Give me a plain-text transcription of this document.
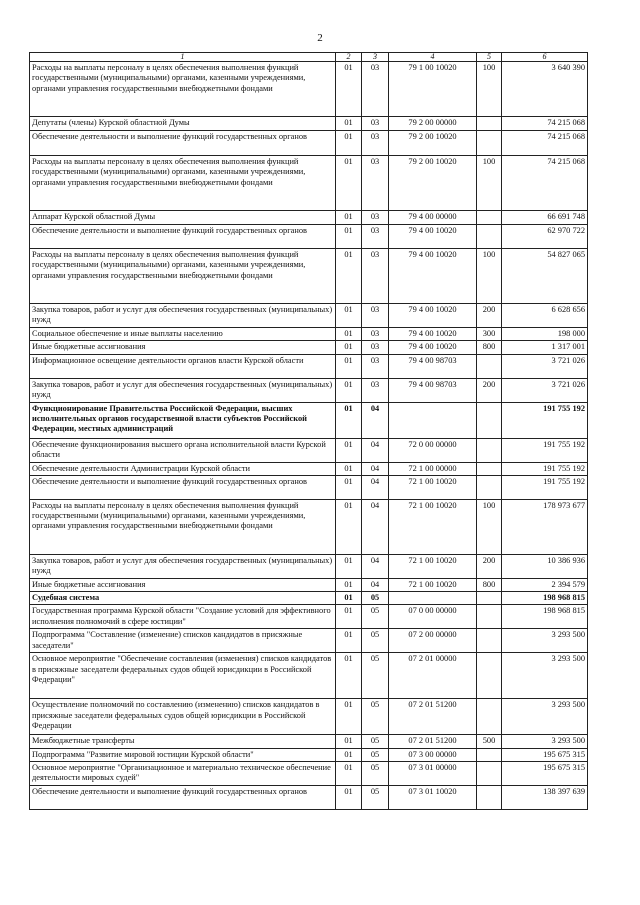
2
1	2	3	4	5	6
Расходы на выплаты персоналу в целях обеспечения выполнения функций государственными (муниципальными) органами, казенными учреждениями, органами управления государственными внебюджетными фондами	01	03	79 1 00 10020	100	3 640 390
Депутаты (члены) Курской областной Думы	01	03	79 2 00 00000		74 215 068
Обеспечение деятельности и выполнение функций государственных органов	01	03	79 2 00 10020		74 215 068
Расходы на выплаты персоналу в целях обеспечения выполнения функций государственными (муниципальными) органами, казенными учреждениями, органами управления государственными внебюджетными фондами	01	03	79 2 00 10020	100	74 215 068
Аппарат Курской областной Думы	01	03	79 4 00 00000		66 691 748
Обеспечение деятельности и выполнение функций государственных органов	01	03	79 4 00 10020		62 970 722
Расходы на выплаты персоналу в целях обеспечения выполнения функций государственными (муниципальными) органами, казенными учреждениями, органами управления государственными внебюджетными фондами	01	03	79 4 00 10020	100	54 827 065
Закупка товаров, работ и услуг для обеспечения государственных (муниципальных) нужд	01	03	79 4 00 10020	200	6 628 656
Социальное обеспечение и иные выплаты населению	01	03	79 4 00 10020	300	198 000
Иные бюджетные ассигнования	01	03	79 4 00 10020	800	1 317 001
Информационное освещение деятельности органов власти Курской области	01	03	79 4 00 98703		3 721 026
Закупка товаров, работ и услуг для обеспечения государственных (муниципальных) нужд	01	03	79 4 00 98703	200	3 721 026
Функционирование Правительства Российской Федерации, высших исполнительных органов государственной власти субъектов Российской Федерации, местных администраций	01	04			191 755 192
Обеспечение функционирования высшего органа исполнительной власти Курской области	01	04	72 0 00 00000		191 755 192
Обеспечение деятельности Администрации Курской области	01	04	72 1 00 00000		191 755 192
Обеспечение деятельности и выполнение функций государственных органов	01	04	72 1 00 10020		191 755 192
Расходы на выплаты персоналу в целях обеспечения выполнения функций государственными (муниципальными) органами, казенными учреждениями, органами управления государственными внебюджетными фондами	01	04	72 1 00 10020	100	178 973 677
Закупка товаров, работ и услуг для обеспечения государственных (муниципальных) нужд	01	04	72 1 00 10020	200	10 386 936
Иные бюджетные ассигнования	01	04	72 1 00 10020	800	2 394 579
Судебная система	01	05			198 968 815
Государственная программа Курской области "Создание условий для эффективного исполнения полномочий в сфере юстиции"	01	05	07 0 00 00000		198 968 815
Подпрограмма "Составление (изменение) списков кандидатов в присяжные заседатели"	01	05	07 2 00 00000		3 293 500
Основное мероприятие "Обеспечение составления (изменения) списков кандидатов в присяжные заседатели федеральных судов общей юрисдикции в Российской Федерации"	01	05	07 2 01 00000		3 293 500
Осуществление полномочий по составлению (изменению) списков кандидатов в присяжные заседатели федеральных судов общей юрисдикции в Российской Федерации	01	05	07 2 01 51200		3 293 500
Межбюджетные трансферты	01	05	07 2 01 51200	500	3 293 500
Подпрограмма "Развитие мировой юстиции Курской области"	01	05	07 3 00 00000		195 675 315
Основное мероприятие "Организационное и материально техническое обеспечение деятельности мировых судей"	01	05	07 3 01 00000		195 675 315
Обеспечение деятельности и выполнение функций государственных органов	01	05	07 3 01 10020		138 397 639
